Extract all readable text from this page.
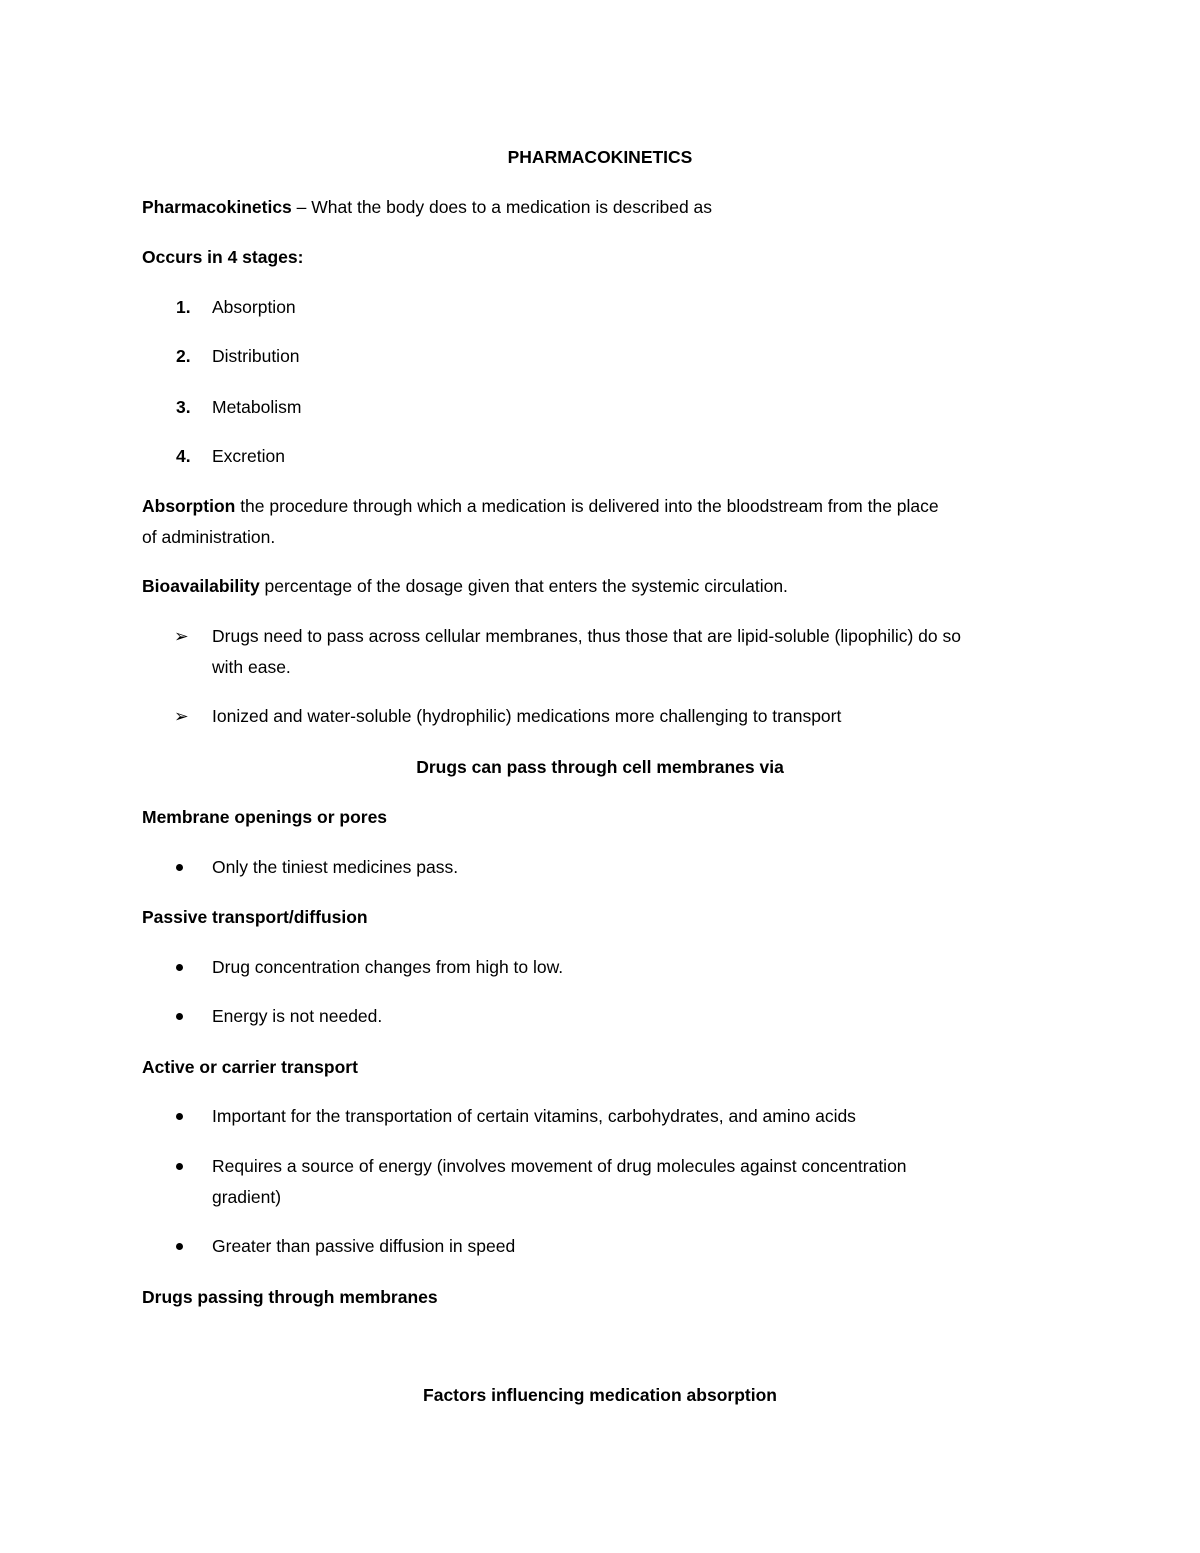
PHARMACOKINETICS
Pharmacokinetics – What the body does to a medication is described as
Occurs in 4 stages:
1. Absorption
2. Distribution
3. Metabolism
4. Excretion
Absorption the procedure through which a medication is delivered into the bloodstream from the place
of administration.
Bioavailability percentage of the dosage given that enters the systemic circulation.
➢ Drugs need to pass across cellular membranes, thus those that are lipid-soluble (lipophilic) do so
with ease.
➢ Ionized and water-soluble (hydrophilic) medications more challenging to transport
Drugs can pass through cell membranes via
Membrane openings or pores
Only the tiniest medicines pass.
Passive transport/diffusion
Drug concentration changes from high to low.
Energy is not needed.
Active or carrier transport
Important for the transportation of certain vitamins, carbohydrates, and amino acids
Requires a source of energy (involves movement of drug molecules against concentration
gradient)
Greater than passive diffusion in speed
Drugs passing through membranes
Factors influencing medication absorption
